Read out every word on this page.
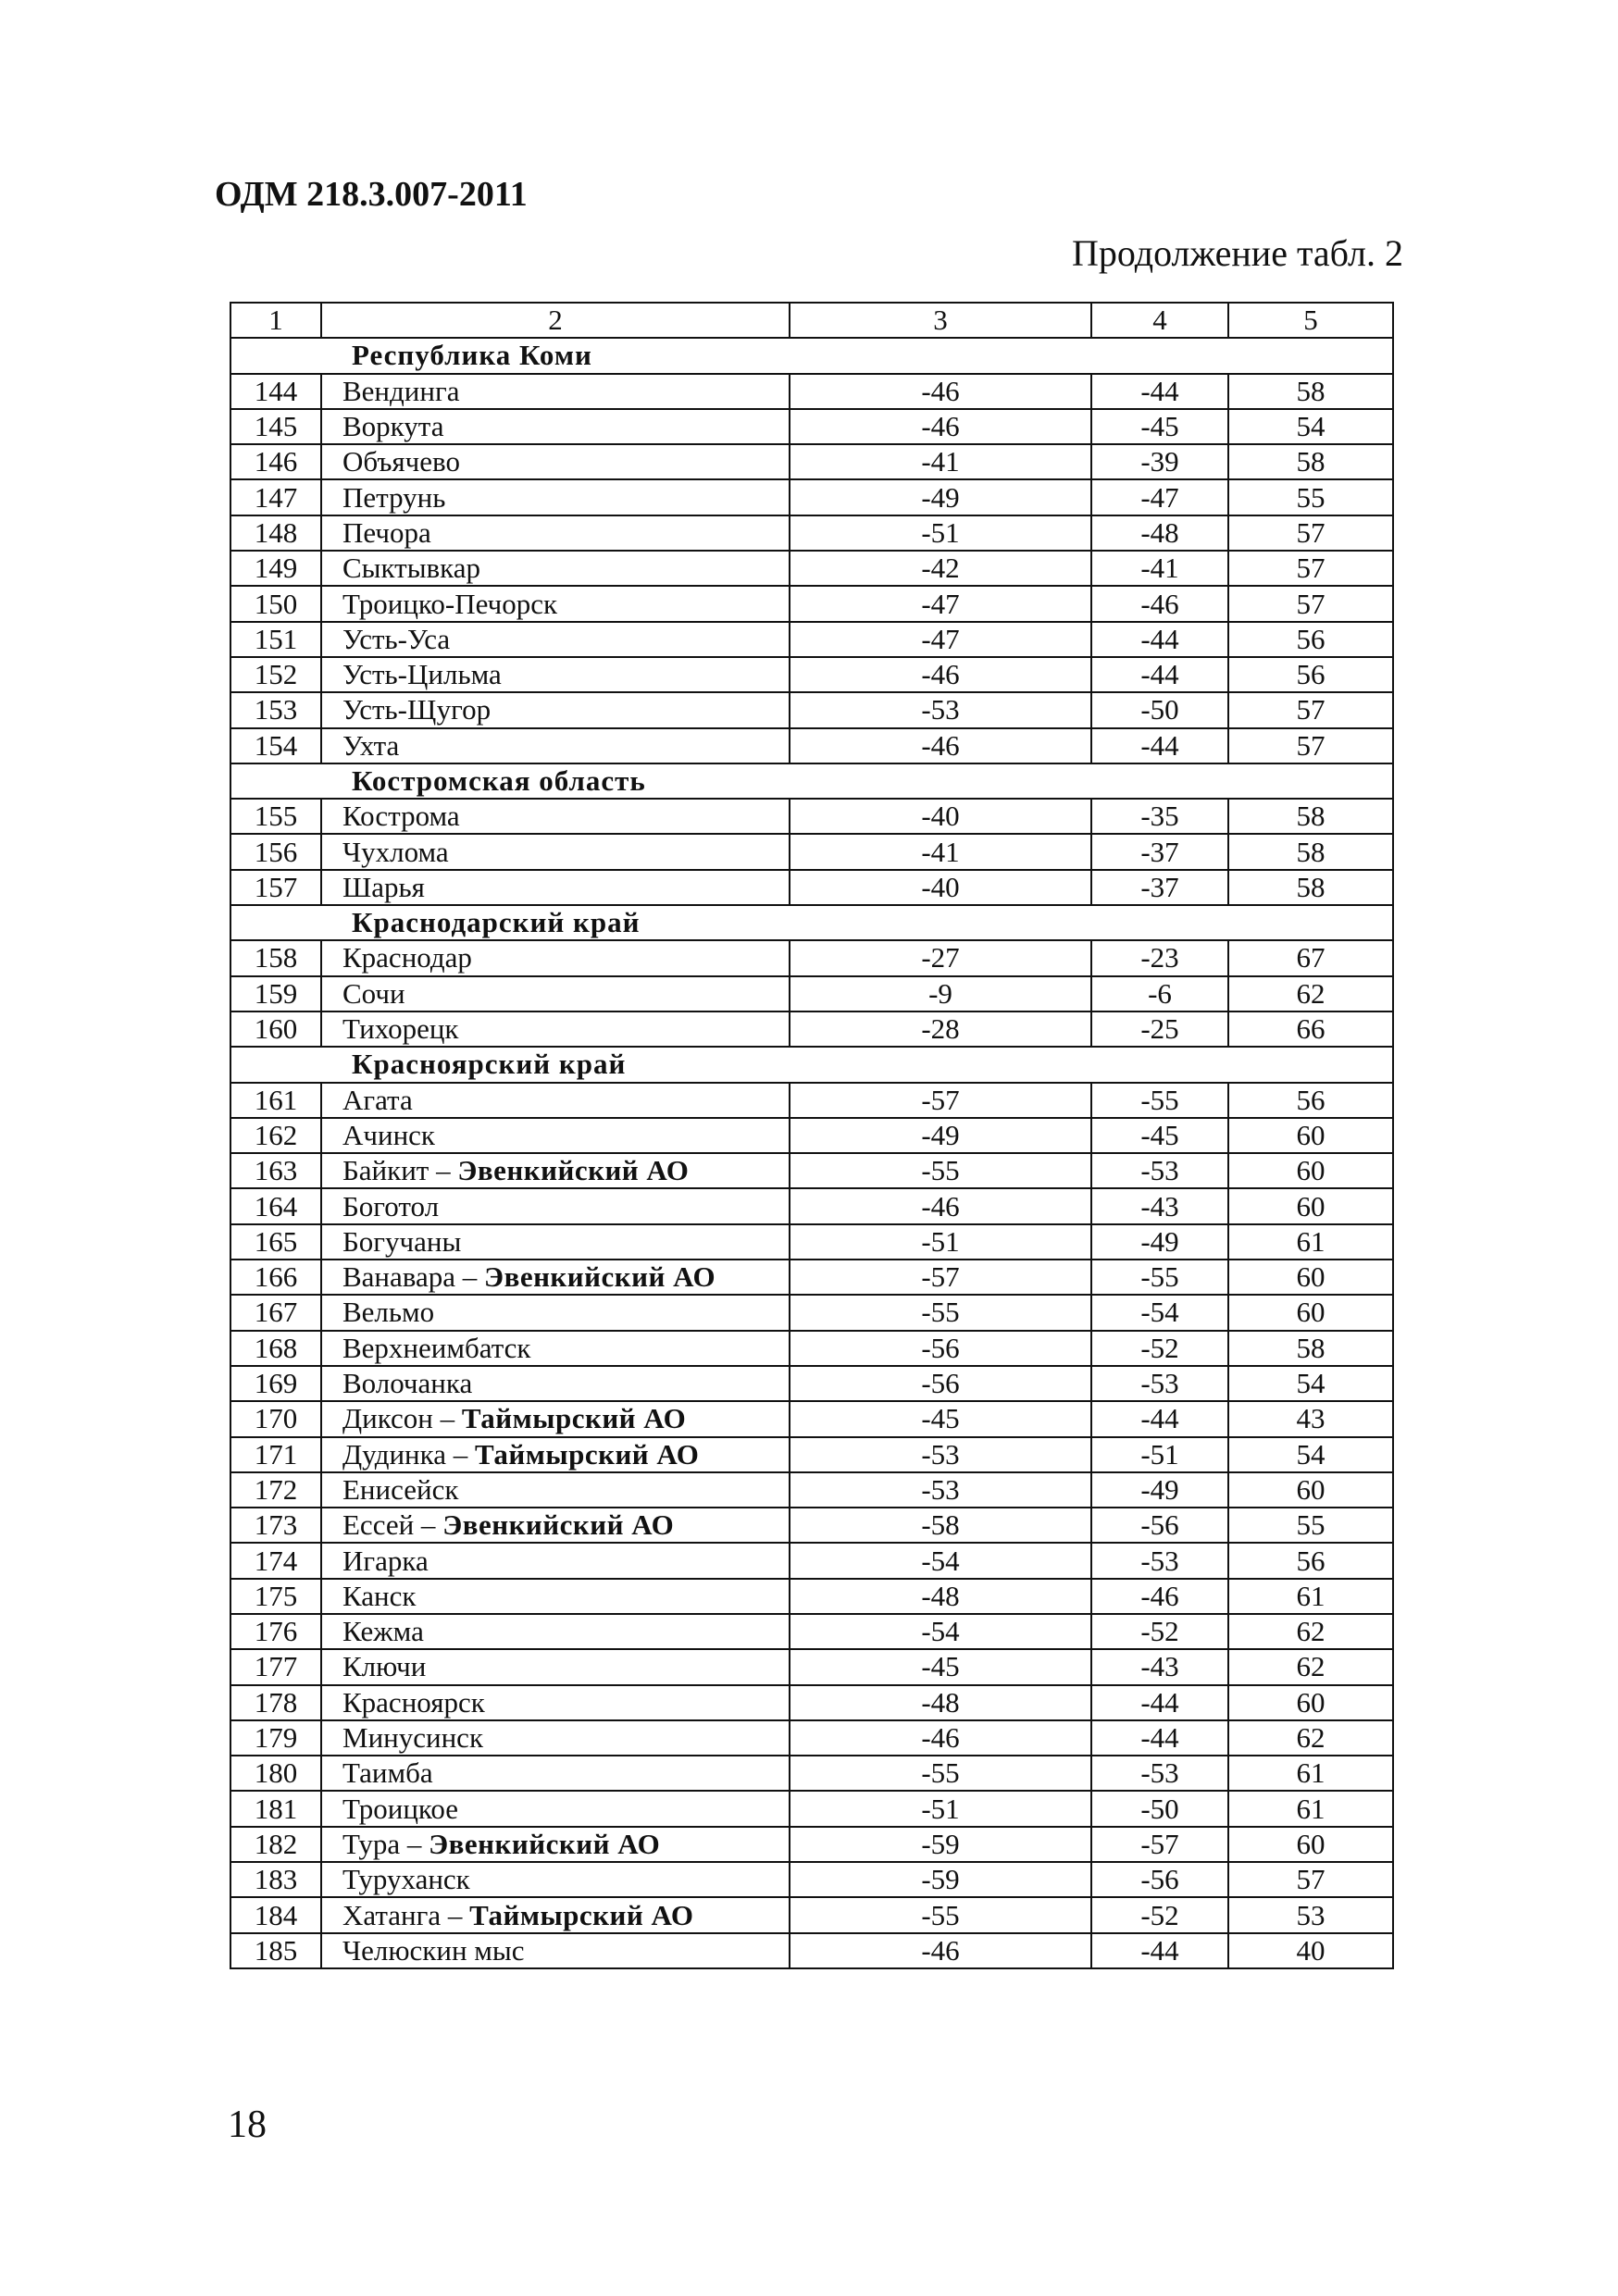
ОДМ 218.3.007-2011
Продолжение табл. 2
1	2	3	4	5
Республика Коми				
144	Вендинга	-46	-44	58
145	Воркута	-46	-45	54
146	Объячево	-41	-39	58
147	Петрунь	-49	-47	55
148	Печора	-51	-48	57
149	Сыктывкар	-42	-41	57
150	Троицко-Печорск	-47	-46	57
151	Усть-Уса	-47	-44	56
152	Усть-Цильма	-46	-44	56
153	Усть-Щугор	-53	-50	57
154	Ухта	-46	-44	57
Костромская область				
155	Кострома	-40	-35	58
156	Чухлома	-41	-37	58
157	Шарья	-40	-37	58
Краснодарский край				
158	Краснодар	-27	-23	67
159	Сочи	-9	-6	62
160	Тихорецк	-28	-25	66
Красноярский край				
161	Агата	-57	-55	56
162	Ачинск	-49	-45	60
163	Байкит – Эвенкийский АО	-55	-53	60
164	Боготол	-46	-43	60
165	Богучаны	-51	-49	61
166	Ванавара – Эвенкийский АО	-57	-55	60
167	Вельмо	-55	-54	60
168	Верхнеимбатск	-56	-52	58
169	Волочанка	-56	-53	54
170	Диксон – Таймырский АО	-45	-44	43
171	Дудинка – Таймырский АО	-53	-51	54
172	Енисейск	-53	-49	60
173	Ессей – Эвенкийский АО	-58	-56	55
174	Игарка	-54	-53	56
175	Канск	-48	-46	61
176	Кежма	-54	-52	62
177	Ключи	-45	-43	62
178	Красноярск	-48	-44	60
179	Минусинск	-46	-44	62
180	Таимба	-55	-53	61
181	Троицкое	-51	-50	61
182	Тура – Эвенкийский АО	-59	-57	60
183	Туруханск	-59	-56	57
184	Хатанга – Таймырский АО	-55	-52	53
185	Челюскин мыс	-46	-44	40
18
